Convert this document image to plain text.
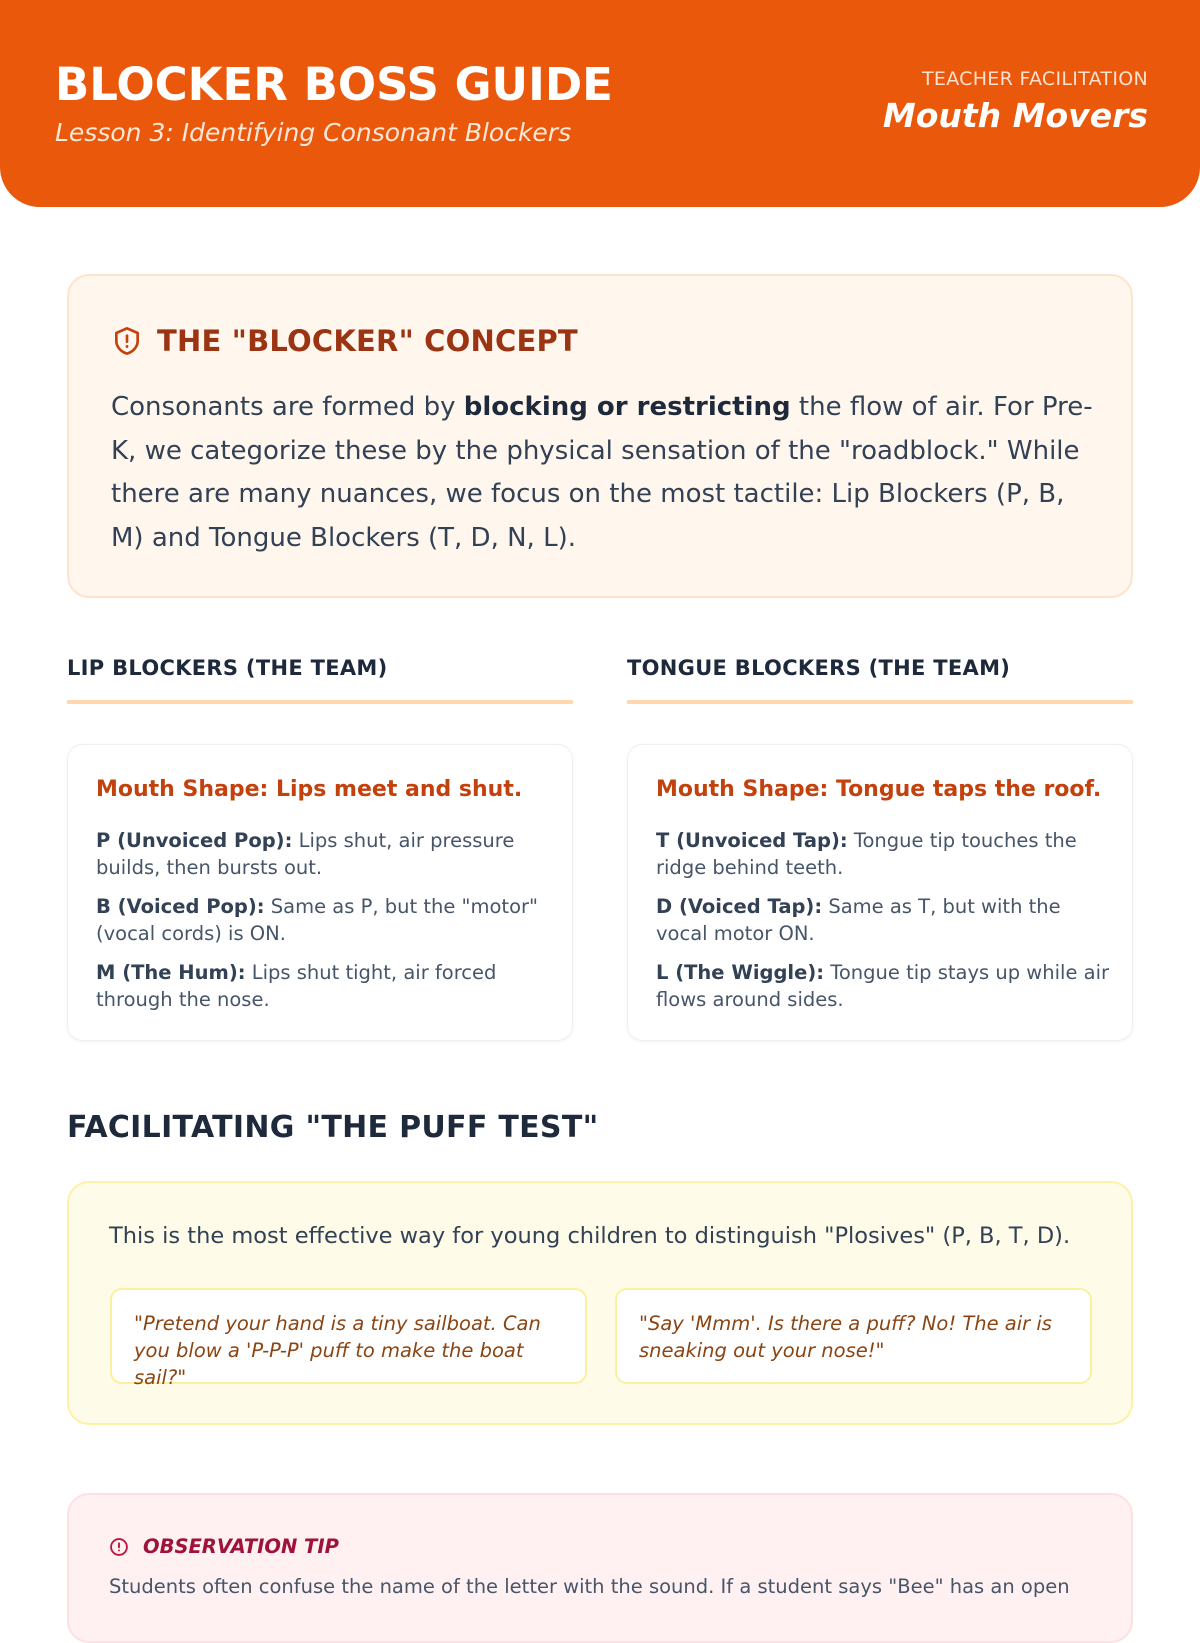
BLOCKER BOSS GUIDE
Lesson 3: Identifying Consonant Blockers
TEACHER FACILITATION
Mouth Movers
THE "BLOCKER" CONCEPT
Consonants are formed by blocking or restricting the flow of air. For Pre-K, we categorize these by the physical sensation of the "roadblock." While there are many nuances, we focus on the most tactile: Lip Blockers (P, B, M) and Tongue Blockers (T, D, N, L).
LIP BLOCKERS (THE TEAM)	TONGUE BLOCKERS (THE TEAM)
Mouth Shape: Lips meet and shut.
P (Unvoiced Pop): Lips shut, air pressure builds, then bursts out.
B (Voiced Pop): Same as P, but the "motor" (vocal cords) is ON.
M (The Hum): Lips shut tight, air forced through the nose.
Mouth Shape: Tongue taps the roof.
T (Unvoiced Tap): Tongue tip touches the ridge behind teeth.
D (Voiced Tap): Same as T, but with the vocal motor ON.
L (The Wiggle): Tongue tip stays up while air flows around sides.
FACILITATING "THE PUFF TEST"
This is the most effective way for young children to distinguish "Plosives" (P, B, T, D).
"Pretend your hand is a tiny sailboat. Can you blow a 'P-P-P' puff to make the boat sail?"
"Say 'Mmm'. Is there a puff? No! The air is sneaking out your nose!"
OBSERVATION TIP
Students often confuse the name of the letter with the sound. If a student says "Bee" has an open
